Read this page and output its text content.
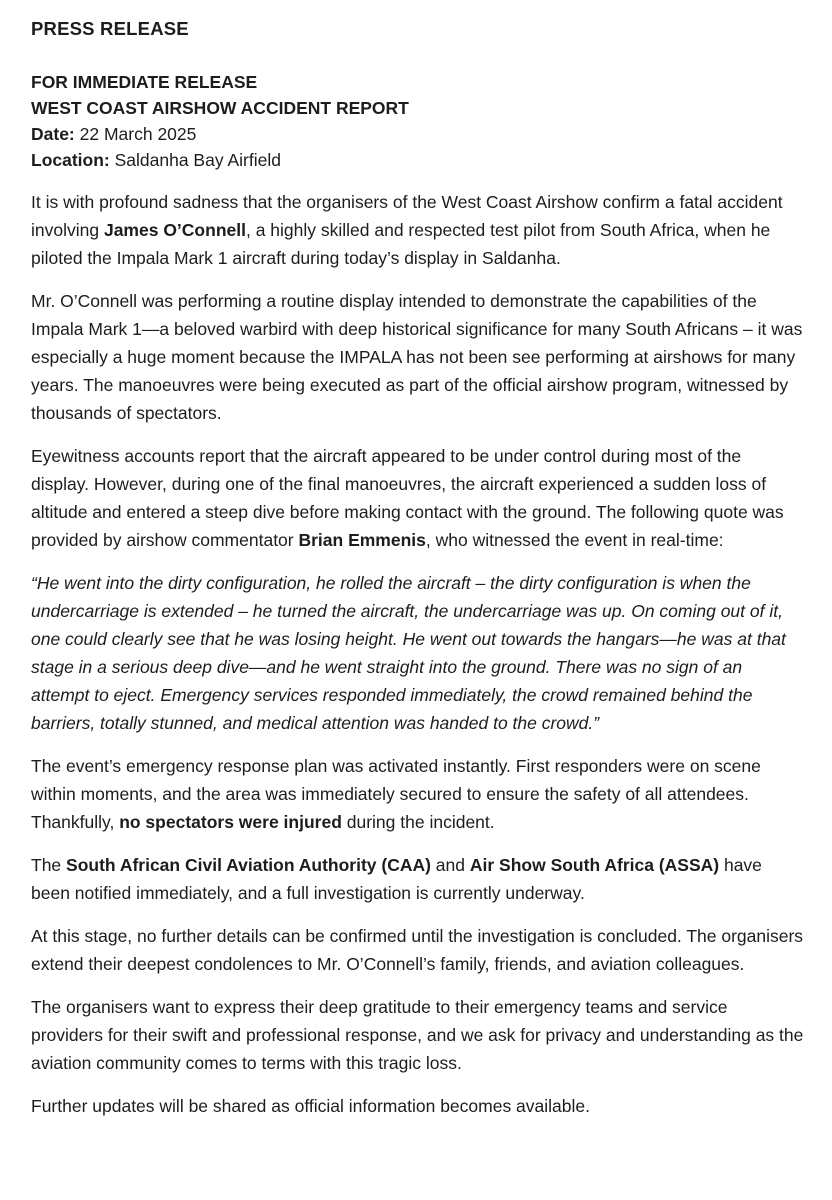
PRESS RELEASE

FOR IMMEDIATE RELEASE

WEST COAST AIRSHOW ACCIDENT REPORT

Date: 22 March 2025

Location: Saldanha Bay Airfield

It is with profound sadness that the organisers of the West Coast Airshow confirm a fatal accident involving James O’Connell, a highly skilled and respected test pilot from South Africa, when he piloted the Impala Mark 1 aircraft during today’s display in Saldanha.

Mr. O’Connell was performing a routine display intended to demonstrate the capabilities of the Impala Mark 1—a beloved warbird with deep historical significance for many South Africans – it was especially a huge moment because the IMPALA has not been see performing at airshows for many years. The manoeuvres were being executed as part of the official airshow program, witnessed by thousands of spectators.

Eyewitness accounts report that the aircraft appeared to be under control during most of the display. However, during one of the final manoeuvres, the aircraft experienced a sudden loss of altitude and entered a steep dive before making contact with the ground. The following quote was provided by airshow commentator Brian Emmenis, who witnessed the event in real-time:

“He went into the dirty configuration, he rolled the aircraft – the dirty configuration is when the undercarriage is extended – he turned the aircraft, the undercarriage was up. On coming out of it, one could clearly see that he was losing height. He went out towards the hangars—he was at that stage in a serious deep dive—and he went straight into the ground. There was no sign of an attempt to eject. Emergency services responded immediately, the crowd remained behind the barriers, totally stunned, and medical attention was handed to the crowd.”

The event’s emergency response plan was activated instantly. First responders were on scene within moments, and the area was immediately secured to ensure the safety of all attendees. Thankfully, no spectators were injured during the incident.

The South African Civil Aviation Authority (CAA) and Air Show South Africa (ASSA) have been notified immediately, and a full investigation is currently underway.

At this stage, no further details can be confirmed until the investigation is concluded. The organisers extend their deepest condolences to Mr. O’Connell’s family, friends, and aviation colleagues.

The organisers want to express their deep gratitude to their emergency teams and service providers for their swift and professional response, and we ask for privacy and understanding as the aviation community comes to terms with this tragic loss.

Further updates will be shared as official information becomes available.
